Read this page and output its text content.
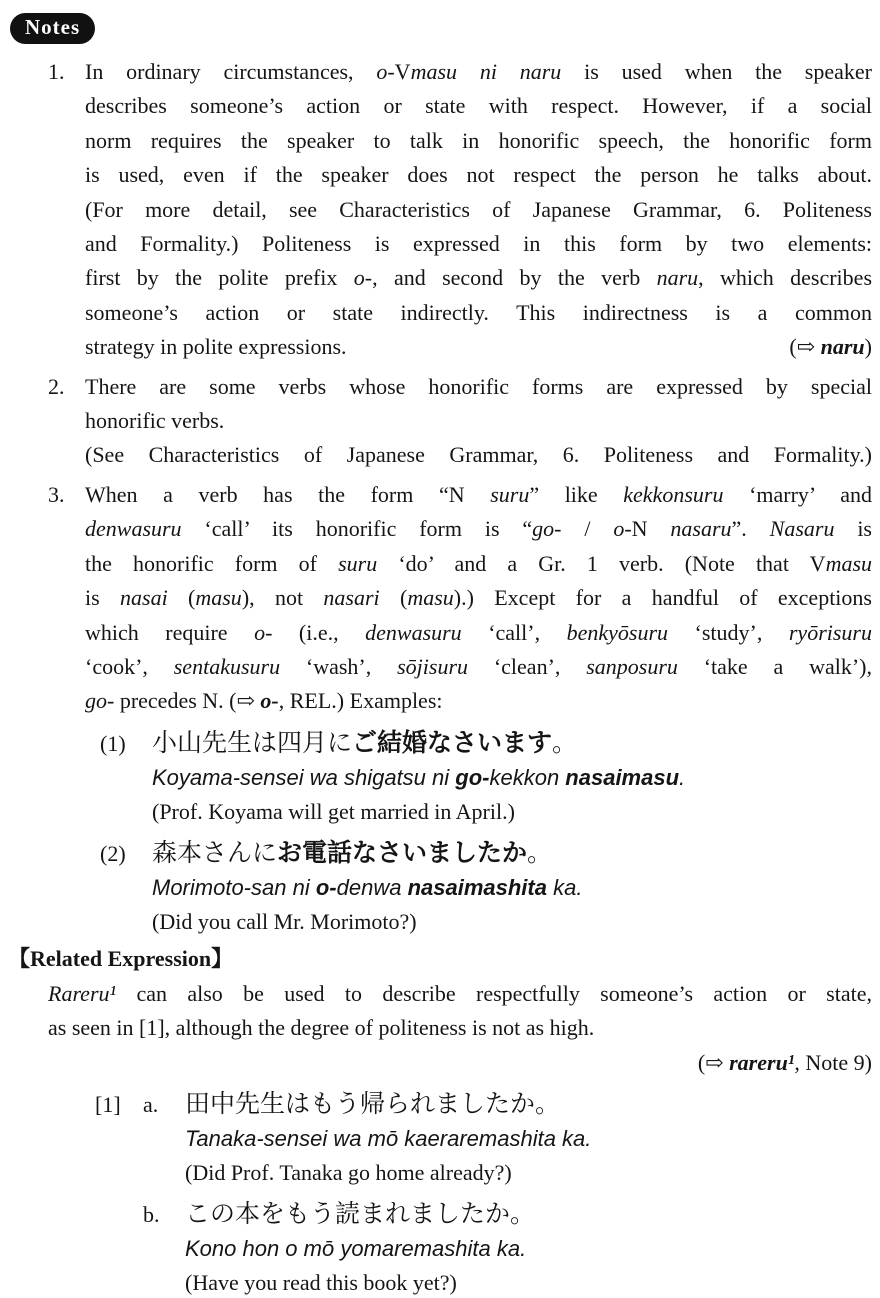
Notes
1. In ordinary circumstances, o-Vmasu ni naru is used when the speaker
describes someone’s action or state with respect. However, if a social
norm requires the speaker to talk in honorific speech, the honorific form
is used, even if the speaker does not respect the person he talks about.
(For more detail, see Characteristics of Japanese Grammar, 6. Politeness
and Formality.) Politeness is expressed in this form by two elements:
first by the polite prefix o-, and second by the verb naru, which describes
someone’s action or state indirectly. This indirectness is a common
strategy in polite expressions.	(⇨ naru)
2. There are some verbs whose honorific forms are expressed by special
honorific verbs.
(See Characteristics of Japanese Grammar, 6. Politeness and Formality.)
3. When a verb has the form “N suru” like kekkonsuru ‘marry’ and
denwasuru ‘call’ its honorific form is “go- / o-N nasaru”. Nasaru is
the honorific form of suru ‘do’ and a Gr. 1 verb. (Note that Vmasu
is nasai (masu), not nasari (masu).) Except for a handful of exceptions
which require o- (i.e., denwasuru ‘call’, benkyōsuru ‘study’, ryōrisuru
‘cook’, sentakusuru ‘wash’, sōjisuru ‘clean’, sanposuru ‘take a walk’),
go- precedes N. (⇨ o-, REL.) Examples:
(1)	小山先生は四月にご結婚なさいます。
Koyama-sensei wa shigatsu ni go-kekkon nasaimasu.
(Prof. Koyama will get married in April.)
(2)	森本さんにお電話なさいましたか。
Morimoto-san ni o-denwa nasaimashita ka.
(Did you call Mr. Morimoto?)
【Related Expression】
Rareru¹ can also be used to describe respectfully someone’s action or state,
as seen in [1], although the degree of politeness is not as high.
(⇨ rareru¹, Note 9)
[1]	a.	田中先生はもう帰られましたか。
Tanaka-sensei wa mō kaeraremashita ka.
(Did Prof. Tanaka go home already?)
b.	この本をもう読まれましたか。
Kono hon o mō yomaremashita ka.
(Have you read this book yet?)
